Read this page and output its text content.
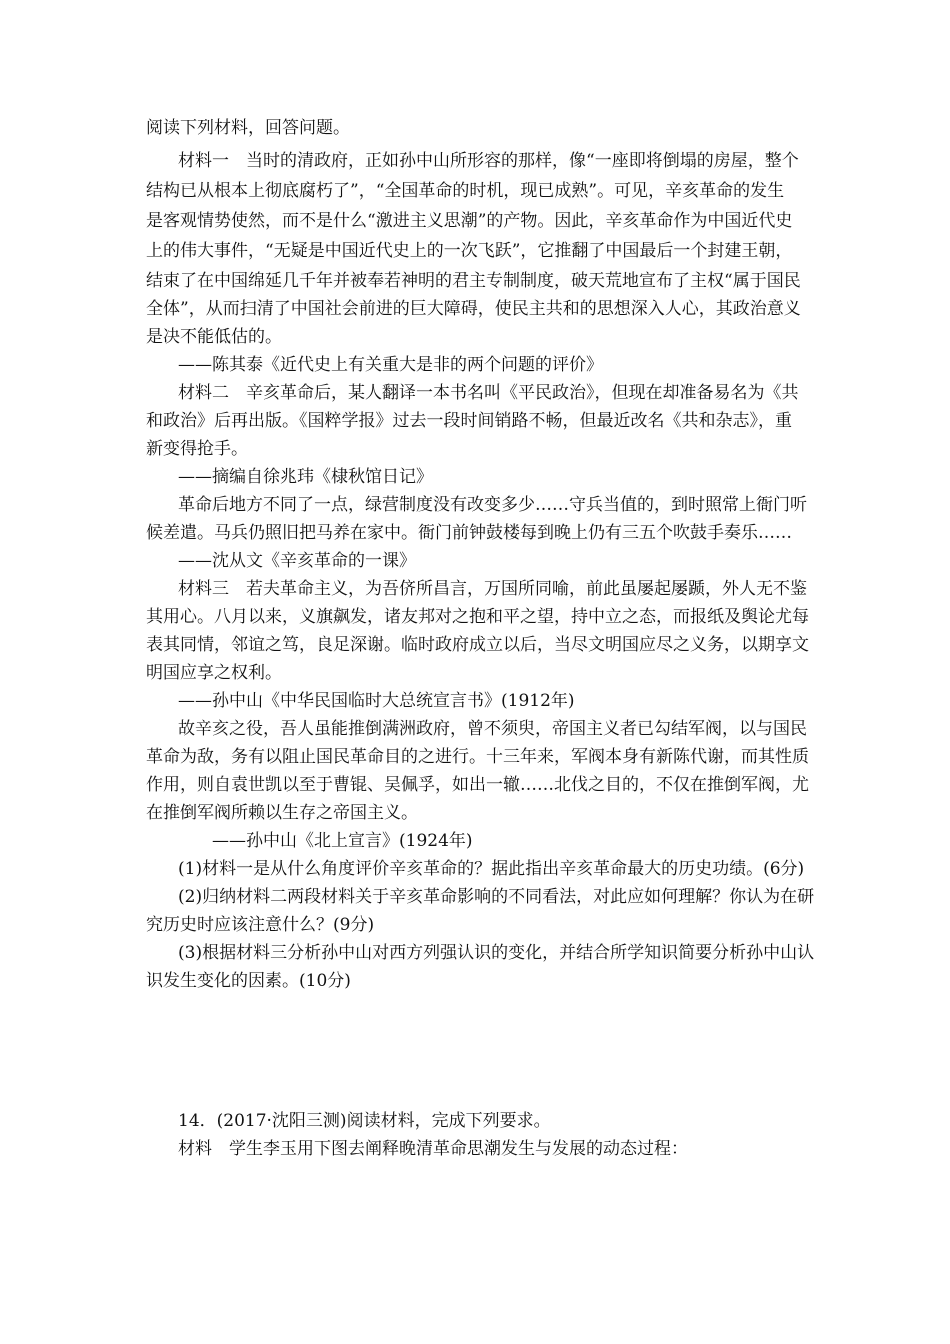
阅读下列材料，回答问题。
材料一　当时的清政府，正如孙中山所形容的那样，像“一座即将倒塌的房屋，整个
结构已从根本上彻底腐朽了”，“全国革命的时机，现已成熟”。可见，辛亥革命的发生
是客观情势使然，而不是什么“激进主义思潮”的产物。因此，辛亥革命作为中国近代史
上的伟大事件，“无疑是中国近代史上的一次飞跃”，它推翻了中国最后一个封建王朝，
结束了在中国绵延几千年并被奉若神明的君主专制制度，破天荒地宣布了主权“属于国民
全体”，从而扫清了中国社会前进的巨大障碍，使民主共和的思想深入人心，其政治意义
是决不能低估的。
——陈其泰《近代史上有关重大是非的两个问题的评价》
材料二　辛亥革命后，某人翻译一本书名叫《平民政治》，但现在却准备易名为《共
和政治》后再出版。《国粹学报》过去一段时间销路不畅，但最近改名《共和杂志》，重
新变得抢手。
——摘编自徐兆玮《棣秋馆日记》
革命后地方不同了一点，绿营制度没有改变多少……守兵当值的，到时照常上衙门听
候差遣。马兵仍照旧把马养在家中。衙门前钟鼓楼每到晚上仍有三五个吹鼓手奏乐……
——沈从文《辛亥革命的一课》
材料三　若夫革命主义，为吾侪所昌言，万国所同喻，前此虽屡起屡踬，外人无不鉴
其用心。八月以来，义旗飙发，诸友邦对之抱和平之望，持中立之态，而报纸及舆论尤每
表其同情，邻谊之笃，良足深谢。临时政府成立以后，当尽文明国应尽之义务，以期享文
明国应享之权利。
——孙中山《中华民国临时大总统宣言书》(1912年)
故辛亥之役，吾人虽能推倒满洲政府，曾不须臾，帝国主义者已勾结军阀，以与国民
革命为敌，务有以阻止国民革命目的之进行。十三年来，军阀本身有新陈代谢，而其性质
作用，则自袁世凯以至于曹锟、吴佩孚，如出一辙……北伐之目的，不仅在推倒军阀，尤
在推倒军阀所赖以生存之帝国主义。
——孙中山《北上宣言》(1924年)
(1)材料一是从什么角度评价辛亥革命的？据此指出辛亥革命最大的历史功绩。(6分)
(2)归纳材料二两段材料关于辛亥革命影响的不同看法，对此应如何理解？你认为在研
究历史时应该注意什么？(9分)
(3)根据材料三分析孙中山对西方列强认识的变化，并结合所学知识简要分析孙中山认
识发生变化的因素。(10分)
14．(2017·沈阳三测)阅读材料，完成下列要求。
材料　学生李玉用下图去阐释晚清革命思潮发生与发展的动态过程：
